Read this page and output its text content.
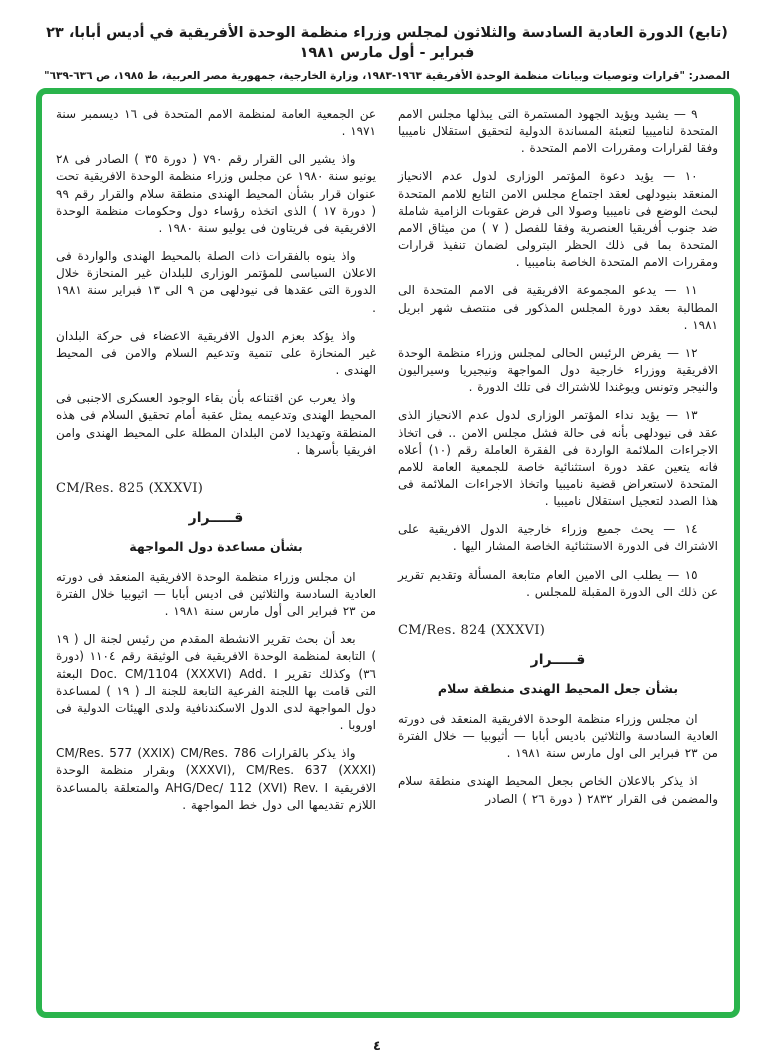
(تابع) الدورة العادية السادسة والثلاثون لمجلس وزراء منظمة الوحدة الأفريقية في أديس أبابا، ٢٣ فبراير - أول مارس ١٩٨١
المصدر: "قرارات وتوصيات وبيانات منظمة الوحدة الأفريقية ١٩٦٣-١٩٨٣، وزارة الخارجية، جمهورية مصر العربية، ط ١٩٨٥، ص ٦٣٦-٦٣٩"
٩ — يشيد ويؤيد الجهود المستمرة التى يبذلها مجلس الامم المتحدة لناميبيا لتعبئة المساندة الدولية لتحقيق استقلال ناميبيا وفقا لقرارات ومقررات الامم المتحدة .
١٠ — يؤيد دعوة المؤتمر الوزارى لدول عدم الانحياز المنعقد بنيودلهى لعقد اجتماع مجلس الامن التابع للامم المتحدة لبحث الوضع فى ناميبيا وصولا الى فرض عقوبات الزامية شاملة ضد جنوب أفريقيا العنصرية وفقا للفصل ( ٧ ) من ميثاق الامم المتحدة بما فى ذلك الحظر البترولى لضمان تنفيذ قرارات ومقررات الامم المتحدة الخاصة بناميبيا .
١١ — يدعو المجموعة الافريقية فى الامم المتحدة الى المطالبة بعقد دورة المجلس المذكور فى منتصف شهر ابريل ١٩٨١ .
١٢ — يفرض الرئيس الحالى لمجلس وزراء منظمة الوحدة الافريقية ووزراء خارجية دول المواجهة ونيجيريا وسيراليون والنيجر وتونس ويوغندا للاشتراك فى تلك الدورة .
١٣ — يؤيد نداء المؤتمر الوزارى لدول عدم الانحياز الذى عقد فى نيودلهى بأنه فى حالة فشل مجلس الامن .. فى اتخاذ الاجراءات الملائمة الواردة فى الفقرة العاملة رقم (١٠) أعلاه فانه يتعين عقد دورة استثنائية خاصة للجمعية العامة للامم المتحدة لاستعراض قضية ناميبيا واتخاذ الاجراءات الملائمة فى هذا الصدد لتعجيل استقلال ناميبيا .
١٤ — يحث جميع وزراء خارجية الدول الافريقية على الاشتراك فى الدورة الاستثنائية الخاصة المشار اليها .
١٥ — يطلب الى الامين العام متابعة المسألة وتقديم تقرير عن ذلك الى الدورة المقبلة للمجلس .
CM/Res. 824 (XXXVI)
قـــــرار
بشأن جعل المحيط الهندى منطقة سلام
ان مجلس وزراء منظمة الوحدة الافريقية المنعقد فى دورته العادية السادسة والثلاثين باديس أبابا — أثيوبيا — خلال الفترة من ٢٣ فبراير الى اول مارس سنة ١٩٨١ .
اذ يذكر بالاعلان الخاص بجعل المحيط الهندى منطقة سلام والمضمن فى القرار ٢٨٣٢ ( دورة ٢٦ ) الصادر
عن الجمعية العامة لمنظمة الامم المتحدة فى ١٦ ديسمبر سنة ١٩٧١ .
واذ يشير الى القرار رقم ٧٩٠ ( دورة ٣٥ ) الصادر فى ٢٨ يونيو سنة ١٩٨٠ عن مجلس وزراء منظمة الوحدة الافريقية تحت عنوان قرار بشأن المحيط الهندى منطقة سلام والقرار رقم ٩٩ ( دورة ١٧ ) الذى اتخذه رؤساء دول وحكومات منظمة الوحدة الافريقية فى فريتاون فى يوليو سنة ١٩٨٠ .
واذ ينوه بالفقرات ذات الصلة بالمحيط الهندى والواردة فى الاعلان السياسى للمؤتمر الوزارى للبلدان غير المنحازة خلال الدورة التى عقدها فى نيودلهى من ٩ الى ١٣ فبراير سنة ١٩٨١ .
واذ يؤكد بعزم الدول الافريقية الاعضاء فى حركة البلدان غير المنحازة على تنمية وتدعيم السلام والامن فى المحيط الهندى .
واذ يعرب عن اقتناعه بأن بقاء الوجود العسكرى الاجنبى فى المحيط الهندى وتدعيمه يمثل عقبة أمام تحقيق السلام فى هذه المنطقة وتهديدا لامن البلدان المطلة على المحيط الهندى وامن افريقيا بأسرها .
CM/Res. 825 (XXXVI)
قـــــرار
بشأن مساعدة دول المواجهة
ان مجلس وزراء منظمة الوحدة الافريقية المنعقد فى دورته العادية السادسة والثلاثين فى اديس أبابا — اثيوبيا خلال الفترة من ٢٣ فبراير الى أول مارس سنة ١٩٨١ .
بعد أن بحث تقرير الانشطة المقدم من رئيس لجنة ال ( ١٩ ) التابعة لمنظمة الوحدة الافريقية فى الوثيقة رقم ١١٠٤ (دورة ٣٦) وكذلك تقرير Doc. CM/1104 (XXXVI) Add. I البعثة التى قامت بها اللجنة الفرعية التابعة للجنة الـ ( ١٩ ) لمساعدة دول المواجهة لدى الدول الاسكندنافية ولدى الهيئات الدولية فى اوروبا .
واذ يذكر بالقرارات CM/Res. 577 (XXIX) CM/Res. 786 (XXXVI), CM/Res. 637 (XXXI) وبقرار منظمة الوحدة الافريقية AHG/Dec/ 112 (XVI) Rev. I والمتعلقة بالمساعدة اللازم تقديمها الى دول خط المواجهة .
٤
